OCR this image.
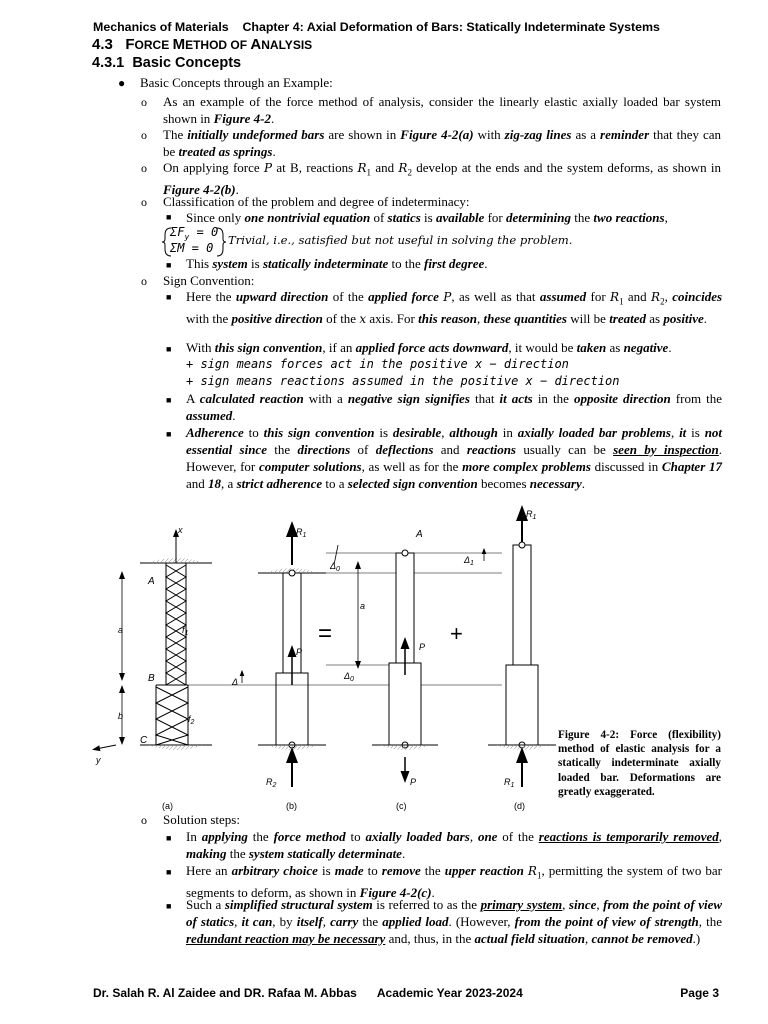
Mechanics of Materials Chapter 4: Axial Deformation of Bars: Statically Indeterminate Systems
4.3 FORCE METHOD OF ANALYSIS
4.3.1 Basic Concepts
● Basic Concepts through an Example:
o As an example of the force method of analysis, consider the linearly elastic axially loaded bar system shown in Figure 4-2.
o The initially undeformed bars are shown in Figure 4-2(a) with zig-zag lines as a reminder that they can be treated as springs.
o On applying force P at B, reactions $R_1$ and $R_2$ develop at the ends and the system deforms, as shown in Figure 4-2(b).
o Classification of the problem and degree of indeterminacy:
■ Since only one nontrivial equation of statics is available for determining the two reactions,
$\Sigma F_y = 0$
ΣM = 0
Trivial, i.e., satisfied but not useful in solving the problem.
■ This system is statically indeterminate to the first degree.
o Sign Convention:
■ Here the upward direction of the applied force P, as well as that assumed for $R_1$ and $R_2$, coincides with the positive direction of the x axis. For this reason, these quantities will be treated as positive.
■ With this sign convention, if an applied force acts downward, it would be taken as negative.
+ sign means forces act in the positive x − direction
+ sign means reactions assumed in the positive x − direction
■ A calculated reaction with a negative sign signifies that it acts in the opposite direction from the assumed.
■ Adherence to this sign convention is desirable, although in axially loaded bar problems, it is not essential since the directions of deflections and reactions usually can be seen by inspection. However, for computer solutions, as well as for the more complex problems discussed in Chapter 17 and 18, a strict adherence to a selected sign convention becomes necessary.
x
A
B
C
$f_1$
$f_2$
a
b
y
(a)
$R_1$
P
$R_2$
Δ
(b)
=	+
$\Delta_0$
a
$\Delta_0$
A
P
P
(c)
$\Delta_1$
$R_1$
$R_1$
(d)
Figure 4-2: Force (flexibility) method of elastic analysis for a statically indeterminate axially loaded bar. Deformations are greatly exaggerated.
o Solution steps:
■ In applying the force method to axially loaded bars, one of the reactions is temporarily removed, making the system statically determinate.
■ Here an arbitrary choice is made to remove the upper reaction $R_1$, permitting the system of two bar segments to deform, as shown in Figure 4-2(c).
■ Such a simplified structural system is referred to as the primary system, since, from the point of view of statics, it can, by itself, carry the applied load. (However, from the point of view of strength, the redundant reaction may be necessary and, thus, in the actual field situation, cannot be removed.)
Dr. Salah R. Al Zaidee and DR. Rafaa M. Abbas Academic Year 2023-2024	Page 3
